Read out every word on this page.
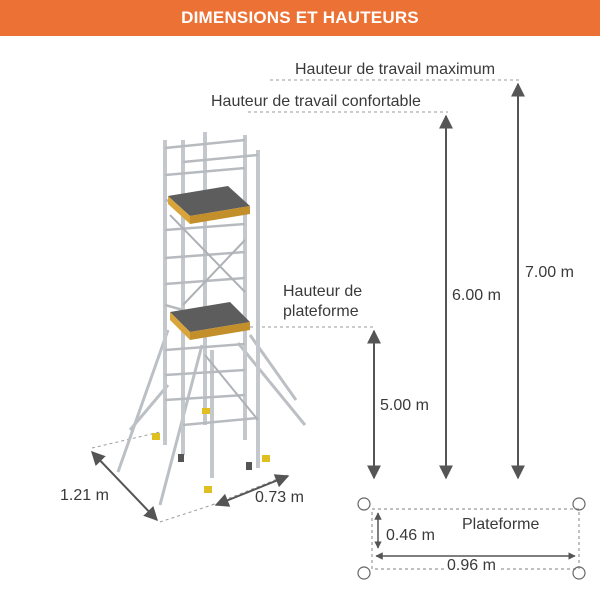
DIMENSIONS ET HAUTEURS
Hauteur de travail maximum
Hauteur de travail confortable
Hauteur de
plateforme
7.00 m
6.00 m
5.00 m
1.21 m	0.73 m
Plateforme
0.46 m
0.96 m
